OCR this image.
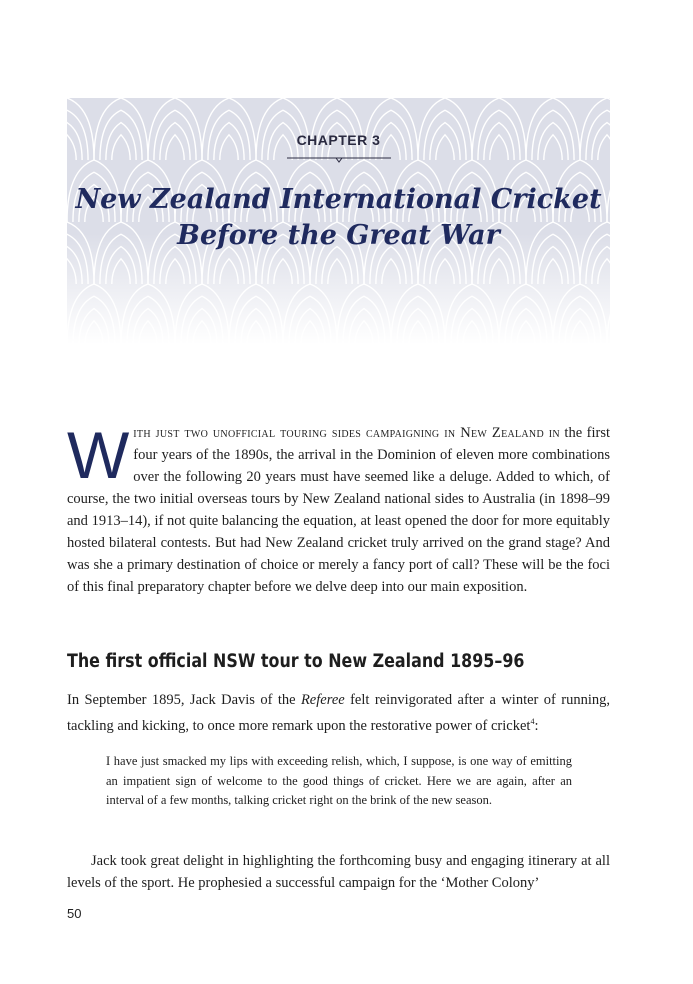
CHAPTER 3
New Zealand International Cricket
Before the Great War
With just two unofficial touring sides campaigning in New Zealand in the first four years of the 1890s, the arrival in the Dominion of eleven more combinations over the following 20 years must have seemed like a deluge. Added to which, of course, the two initial overseas tours by New Zealand national sides to Australia (in 1898–99 and 1913–14), if not quite balancing the equation, at least opened the door for more equitably hosted bilateral contests. But had New Zealand cricket truly arrived on the grand stage? And was she a primary destination of choice or merely a fancy port of call? These will be the foci of this final preparatory chapter before we delve deep into our main exposition.
The first official NSW tour to New Zealand 1895–96
In September 1895, Jack Davis of the Referee felt reinvigorated after a winter of running, tackling and kicking, to once more remark upon the restorative power of cricket$^4$:
I have just smacked my lips with exceeding relish, which, I suppose, is one way of emitting an impatient sign of welcome to the good things of cricket. Here we are again, after an interval of a few months, talking cricket right on the brink of the new season.
Jack took great delight in highlighting the forthcoming busy and engaging itinerary at all levels of the sport. He prophesied a successful campaign for the ‘Mother Colony’
50
